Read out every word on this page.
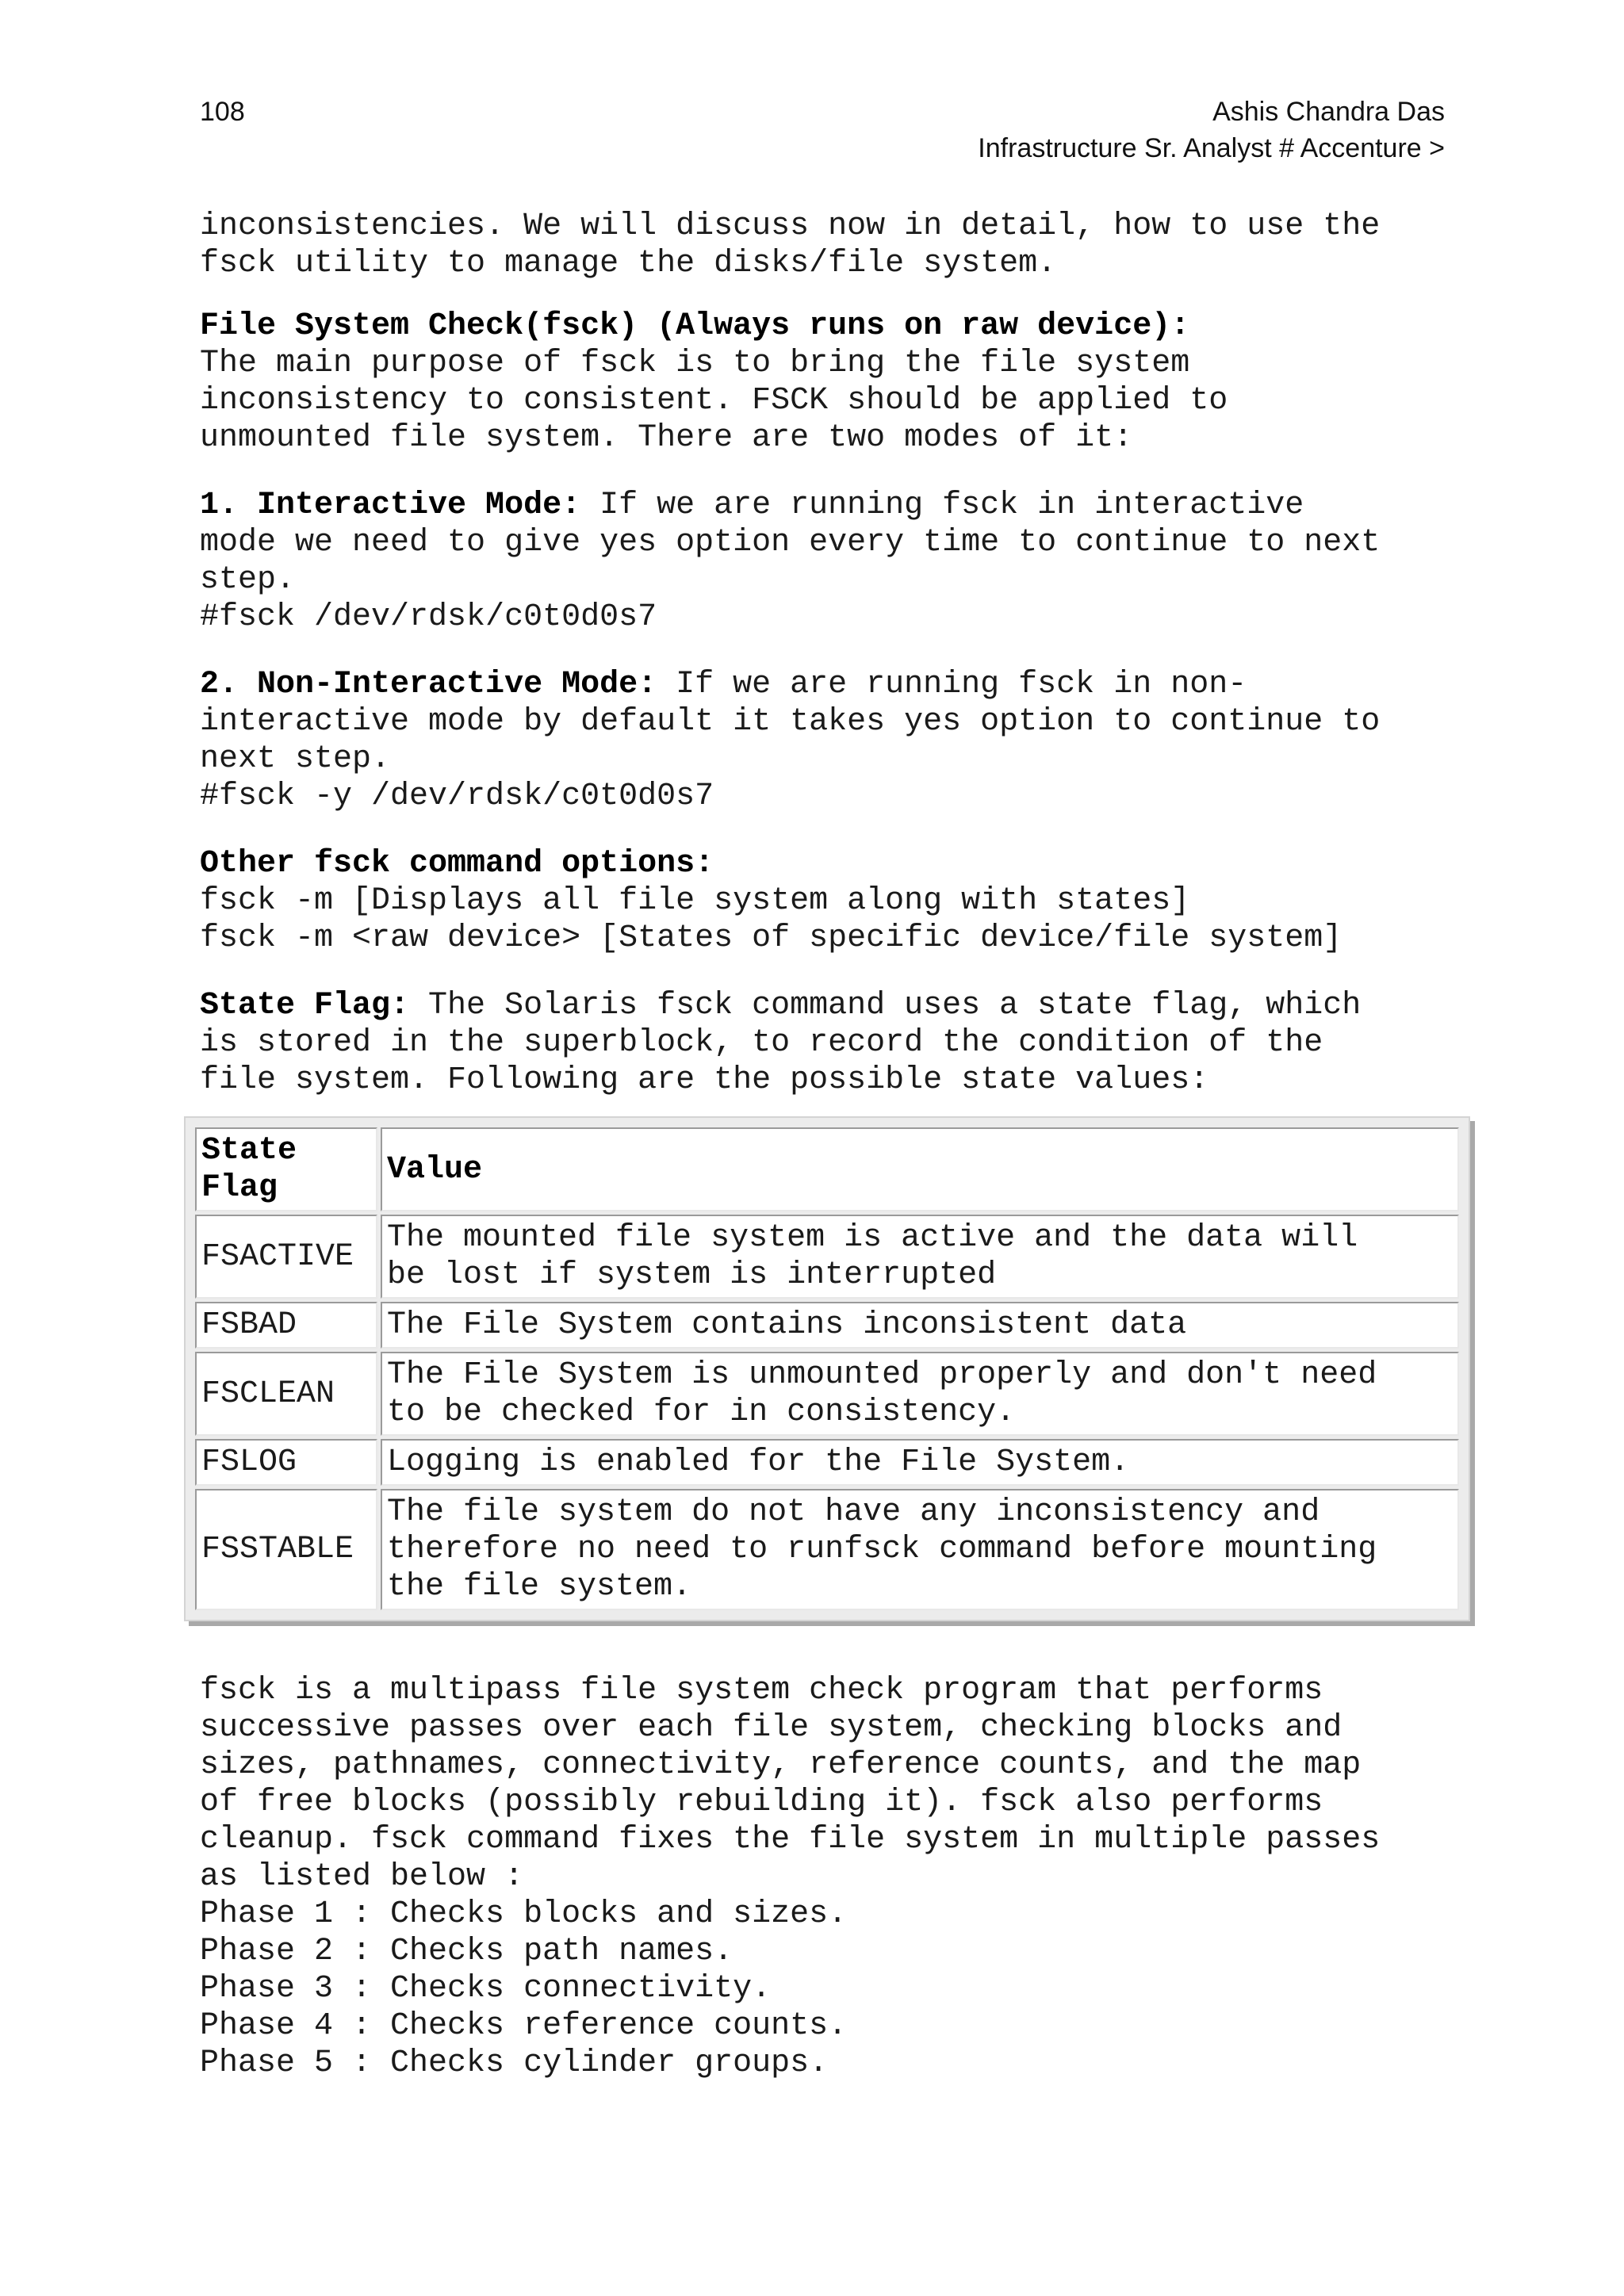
108	Ashis Chandra Das
Infrastructure Sr. Analyst # Accenture >

inconsistencies. We will discuss now in detail, how to use the
fsck utility to manage the disks/file system.

File System Check(fsck) (Always runs on raw device):

The main purpose of fsck is to bring the file system
inconsistency to consistent. FSCK should be applied to
unmounted file system. There are two modes of it:

1. Interactive Mode: If we are running fsck in interactive
mode we need to give yes option every time to continue to next
step.
#fsck /dev/rdsk/c0t0d0s7

2. Non-Interactive Mode: If we are running fsck in non-
interactive mode by default it takes yes option to continue to
next step.
#fsck -y /dev/rdsk/c0t0d0s7

Other fsck command options:

fsck -m [Displays all file system along with states]
fsck -m <raw device> [States of specific device/file system]

State Flag: The Solaris fsck command uses a state flag, which
is stored in the superblock, to record the condition of the
file system. Following are the possible state values:

State
Flag	Value
FSACTIVE	The mounted file system is active and the data will
be lost if system is interrupted
FSBAD	The File System contains inconsistent data
FSCLEAN	The File System is unmounted properly and don't need
to be checked for in consistency.
FSLOG	Logging is enabled for the File System.
FSSTABLE	The file system do not have any inconsistency and
therefore no need to runfsck command before mounting
the file system.

fsck is a multipass file system check program that performs
successive passes over each file system, checking blocks and
sizes, pathnames, connectivity, reference counts, and the map
of free blocks (possibly rebuilding it). fsck also performs
cleanup. fsck command fixes the file system in multiple passes
as listed below :

Phase 1 : Checks blocks and sizes.

Phase 2 : Checks path names.

Phase 3 : Checks connectivity.

Phase 4 : Checks reference counts.

Phase 5 : Checks cylinder groups.
